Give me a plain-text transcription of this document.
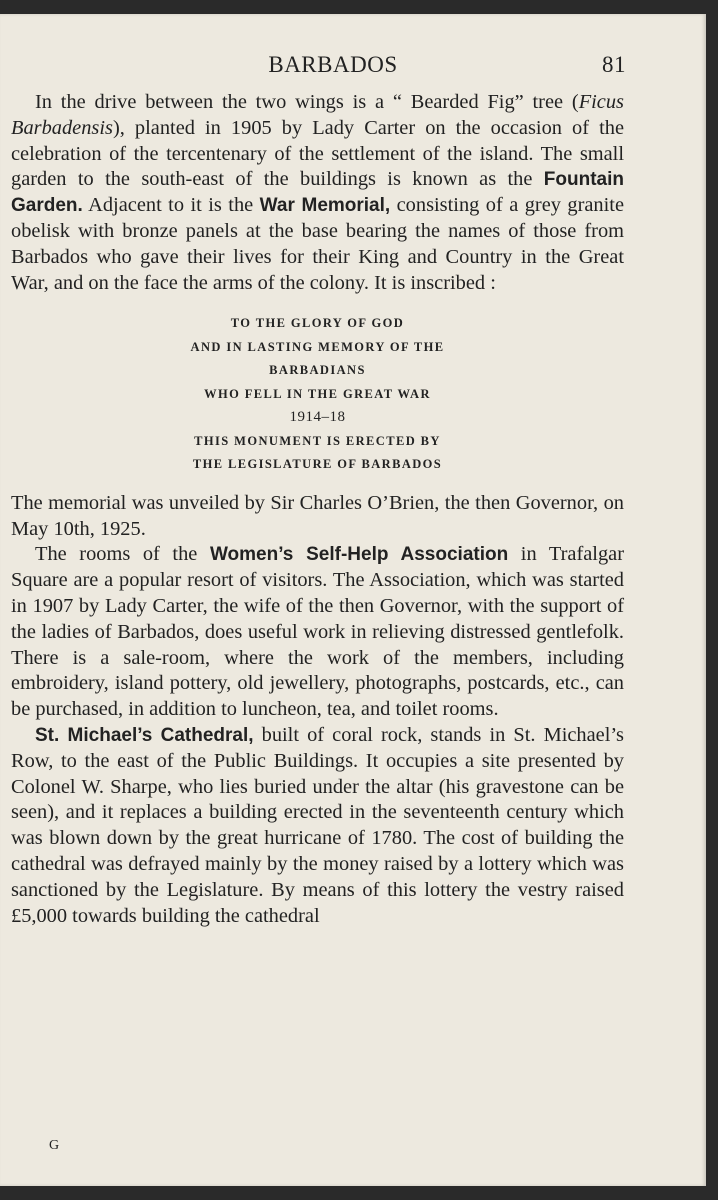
BARBADOS	81

In the drive between the two wings is a “ Bearded Fig” tree (Ficus Barbadensis), planted in 1905 by Lady Carter on the occasion of the celebration of the tercentenary of the settlement of the island. The small garden to the south-east of the buildings is known as the Fountain Garden. Adjacent to it is the War Memorial, consisting of a grey granite obelisk with bronze panels at the base bearing the names of those from Barbados who gave their lives for their King and Country in the Great War, and on the face the arms of the colony. It is inscribed :

TO THE GLORY OF GOD
AND IN LASTING MEMORY OF THE
BARBADIANS
WHO FELL IN THE GREAT WAR
1914–18
THIS MONUMENT IS ERECTED BY
THE LEGISLATURE OF BARBADOS

The memorial was unveiled by Sir Charles O’Brien, the then Governor, on May 10th, 1925.

The rooms of the Women’s Self-Help Association in Trafalgar Square are a popular resort of visitors. The Association, which was started in 1907 by Lady Carter, the wife of the then Governor, with the support of the ladies of Barbados, does useful work in relieving distressed gentlefolk. There is a sale-room, where the work of the members, including embroidery, island pottery, old jewellery, photographs, postcards, etc., can be purchased, in addition to luncheon, tea, and toilet rooms.

St. Michael’s Cathedral, built of coral rock, stands in St. Michael’s Row, to the east of the Public Buildings. It occupies a site presented by Colonel W. Sharpe, who lies buried under the altar (his gravestone can be seen), and it replaces a building erected in the seventeenth century which was blown down by the great hurricane of 1780. The cost of building the cathedral was defrayed mainly by the money raised by a lottery which was sanctioned by the Legislature. By means of this lottery the vestry raised £5,000 towards building the cathedral

G
